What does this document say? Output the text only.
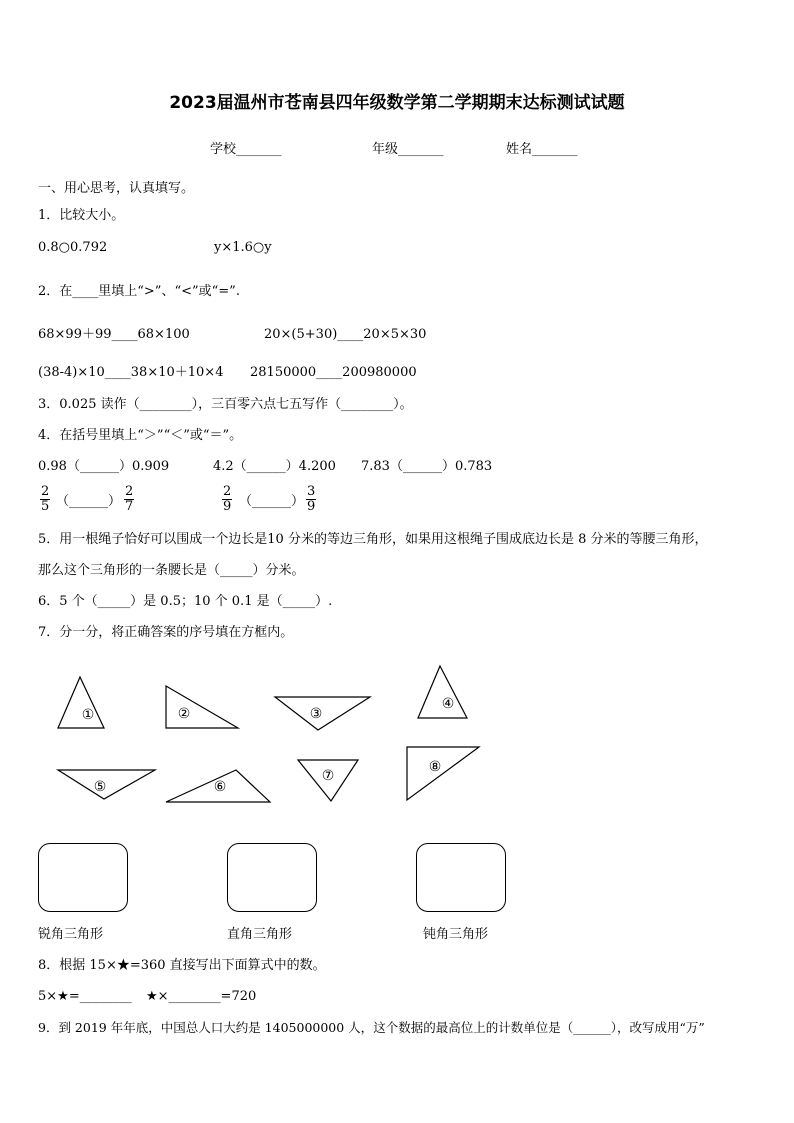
2023届温州市苍南县四年级数学第二学期期末达标测试试题
学校_______	年级_______	姓名_______
一、用心思考，认真填写。
1．比较大小。
0.8○0.792	y×1.6○y
2．在____里填上“>”、“<”或“=”.
68×99＋99____68×100	20×(5+30)____20×5×30
(38-4)×10____38×10＋10×4 28150000____200980000
3．0.025 读作（________），三百零六点七五写作（________）。
4．在括号里填上“＞”“＜”或“＝”。
0.98（______）0.909	4.2（______）4.200 7.83（______）0.783
$\frac{2}{5}$ （______） $\frac{2}{7}$	$\frac{2}{9}$ （______） $\frac{3}{9}$
5．用一根绳子恰好可以围成一个边长是10 分米的等边三角形，如果用这根绳子围成底边长是 8 分米的等腰三角形，
那么这个三角形的一条腰长是（_____）分米。
6．5 个（_____）是 0.5；10 个 0.1 是（_____）.
7．分一分，将正确答案的序号填在方框内。
①	②	③
④
⑤	⑥
⑦
⑧
锐角三角形	直角三角形	钝角三角形
8．根据 15×★=360 直接写出下面算式中的数。
5×★=________ ★×________=720
9．到 2019 年年底，中国总人口大约是 1405000000 人，这个数据的最高位上的计数单位是（______），改写成用“万”
